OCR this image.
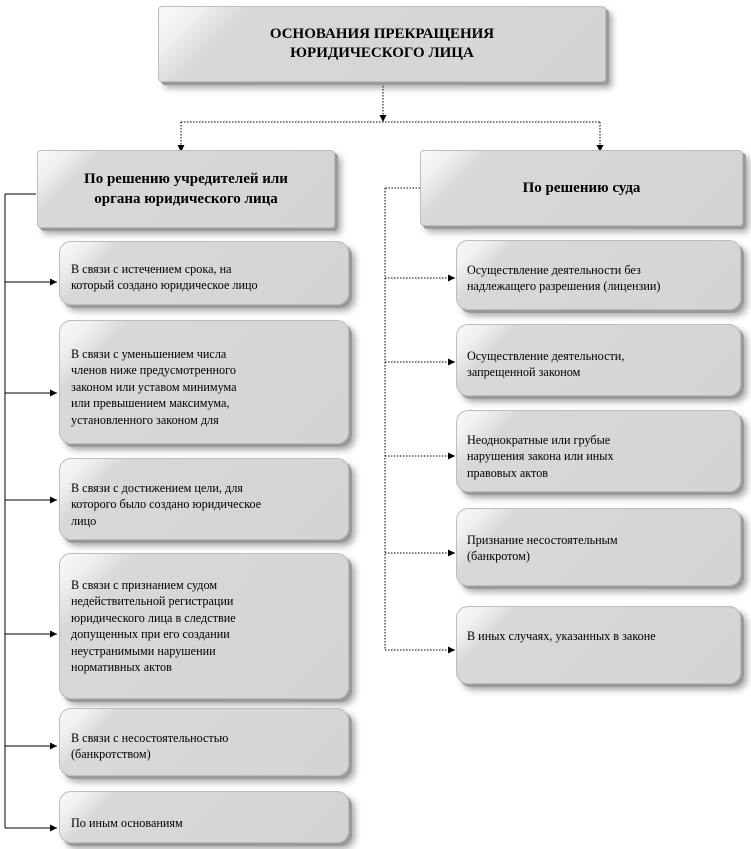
ОСНОВАНИЯ ПРЕКРАЩЕНИЯ
ЮРИДИЧЕСКОГО ЛИЦА
По решению учредителей или
органа юридического лица
По решению суда
В связи с истечением срока, на
который создано юридическое лицо
В связи с уменьшением числа
членов ниже предусмотренного
законом или уставом минимума
или превышением максимума,
установленного законом для
В связи с достижением цели, для
которого было создано юридическое
лицо
В связи с признанием судом
недействительной регистрации
юридического лица в следствие
допущенных при его создании
неустранимыми нарушении
нормативных актов
В связи с несостоятельностью
(банкротством)
По иным основаниям
Осуществление деятельности без
надлежащего разрешения (лицензии)
Осуществление деятельности,
запрещенной законом
Неоднократные или грубые
нарушения закона или иных
правовых актов
Признание несостоятельным
(банкротом)
В иных случаях, указанных в законе
